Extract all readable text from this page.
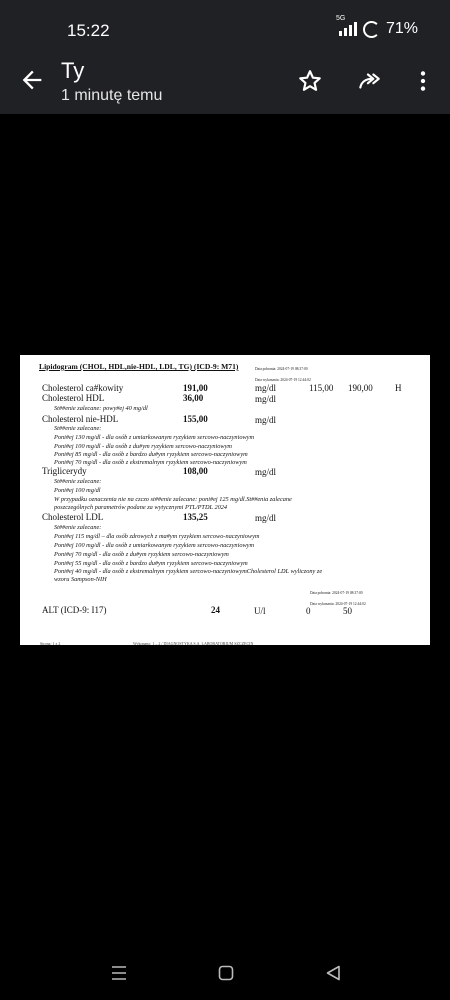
15:22
5G
71%
Ty
1 minutę temu
Lipidogram (CHOL, HDL,nie-HDL, LDL, TG) (ICD-9: M71)	Data pobrania: 2024-07-19 08:37:00
Data wykonania: 2024-07-19 12:44:02
Cholesterol ca#kowity	191,00	mg/dl	115,00 190,00 H
Cholesterol HDL	36,00	mg/dl
St##enie zalecane: powy#ej 40 mg/dl
Cholesterol nie-HDL	155,00	mg/dl
St##enie zalecane:
Poni#ej 130 mg/dl - dla osób z umiarkowanym ryzykiem sercowo-naczyniowym
Poni#ej 100 mg/dl - dla osób z du#ym ryzykiem sercowo-naczyniowym
Poni#ej 85 mg/dl - dla osób z bardzo du#ym ryzykiem sercowo-naczyniowym
Poni#ej 70 mg/dl - dla osób z ekstremalnym ryzykiem sercowo-naczyniowym
Triglicerydy	108,00	mg/dl
St##enie zalecane:
Poni#ej 100 mg/dl
W przypadku oznaczenia nie na czczo st##enie zalecane: poni#ej 125 mg/dl.St##enia zalecane
poszczególnych parametrów podane za wytycznymi PTL/PTDL 2024
Cholesterol LDL	135,25	mg/dl
St##enie zalecane:
Poni#ej 115 mg/dl – dla osób zdrowych z ma#ym ryzykiem sercowo-naczyniowym
Poni#ej 100 mg/dl - dla osób z umiarkowanym ryzykiem sercowo-naczyniowym
Poni#ej 70 mg/dl - dla osób z du#ym ryzykiem sercowo-naczyniowym
Poni#ej 55 mg/dl - dla osób z bardzo du#ym ryzykiem sercowo-naczyniowym
Poni#ej 40 mg/dl - dla osób z ekstremalnym ryzykiem sercowo-naczyniowymCholesterol LDL wyliczony ze
wzoru Sampson-NIH
Data pobrania: 2024-07-19 08:37:00
Data wykonania: 2024-07-19 12:44:02
ALT (ICD-9: I17)	24	U/l	0	50
Strona: 1 z 2	Wykonano: 1 – 2 / DIAGNOSTYKA S.A. LABORATORIUM SZCZECIN
